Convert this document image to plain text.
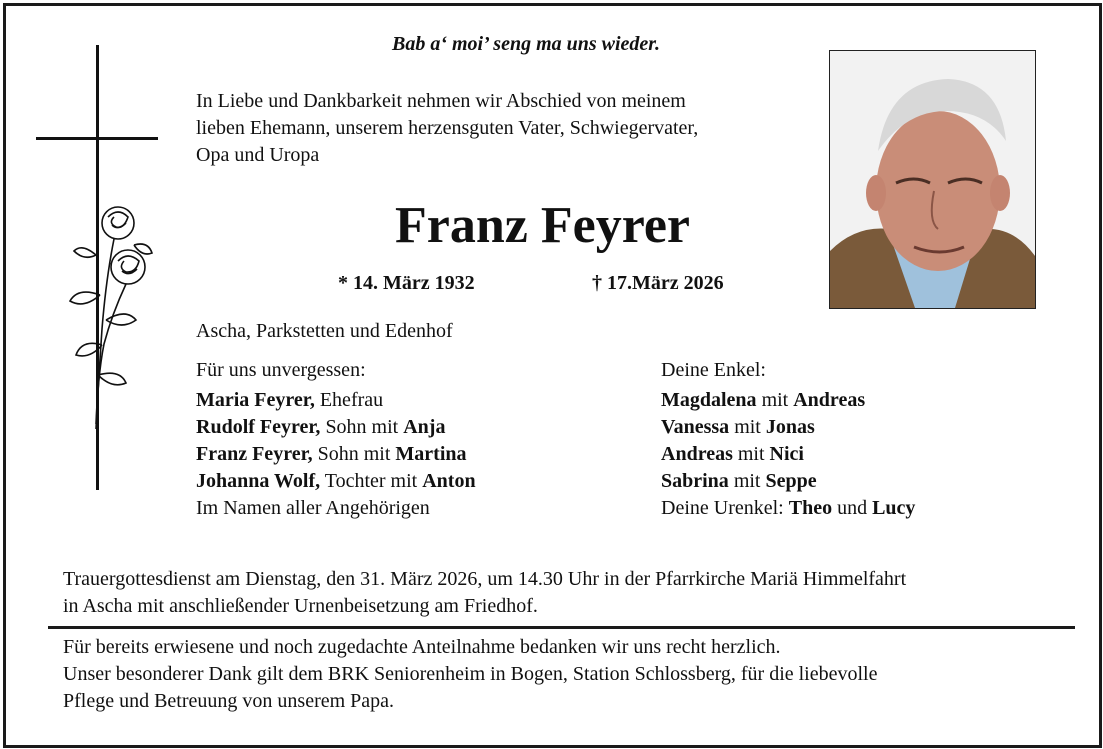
Bab a‘ moi’ seng ma uns wieder.
In Liebe und Dankbarkeit nehmen wir Abschied von meinem
lieben Ehemann, unserem herzensguten Vater, Schwiegervater,
Opa und Uropa
Franz Feyrer
* 14. März 1932	† 17.März 2026
Ascha, Parkstetten und Edenhof
Für uns unvergessen:
Maria Feyrer, Ehefrau
Rudolf Feyrer, Sohn mit Anja
Franz Feyrer, Sohn mit Martina
Johanna Wolf, Tochter mit Anton
Im Namen aller Angehörigen
Deine Enkel:
Magdalena mit Andreas
Vanessa mit Jonas
Andreas mit Nici
Sabrina mit Seppe
Deine Urenkel: Theo und Lucy
Trauergottesdienst am Dienstag, den 31. März 2026, um 14.30 Uhr in der Pfarrkirche Mariä Himmelfahrt
in Ascha mit anschließender Urnenbeisetzung am Friedhof.
Für bereits erwiesene und noch zugedachte Anteilnahme bedanken wir uns recht herzlich.
Unser besonderer Dank gilt dem BRK Seniorenheim in Bogen, Station Schlossberg, für die liebevolle
Pflege und Betreuung von unserem Papa.
